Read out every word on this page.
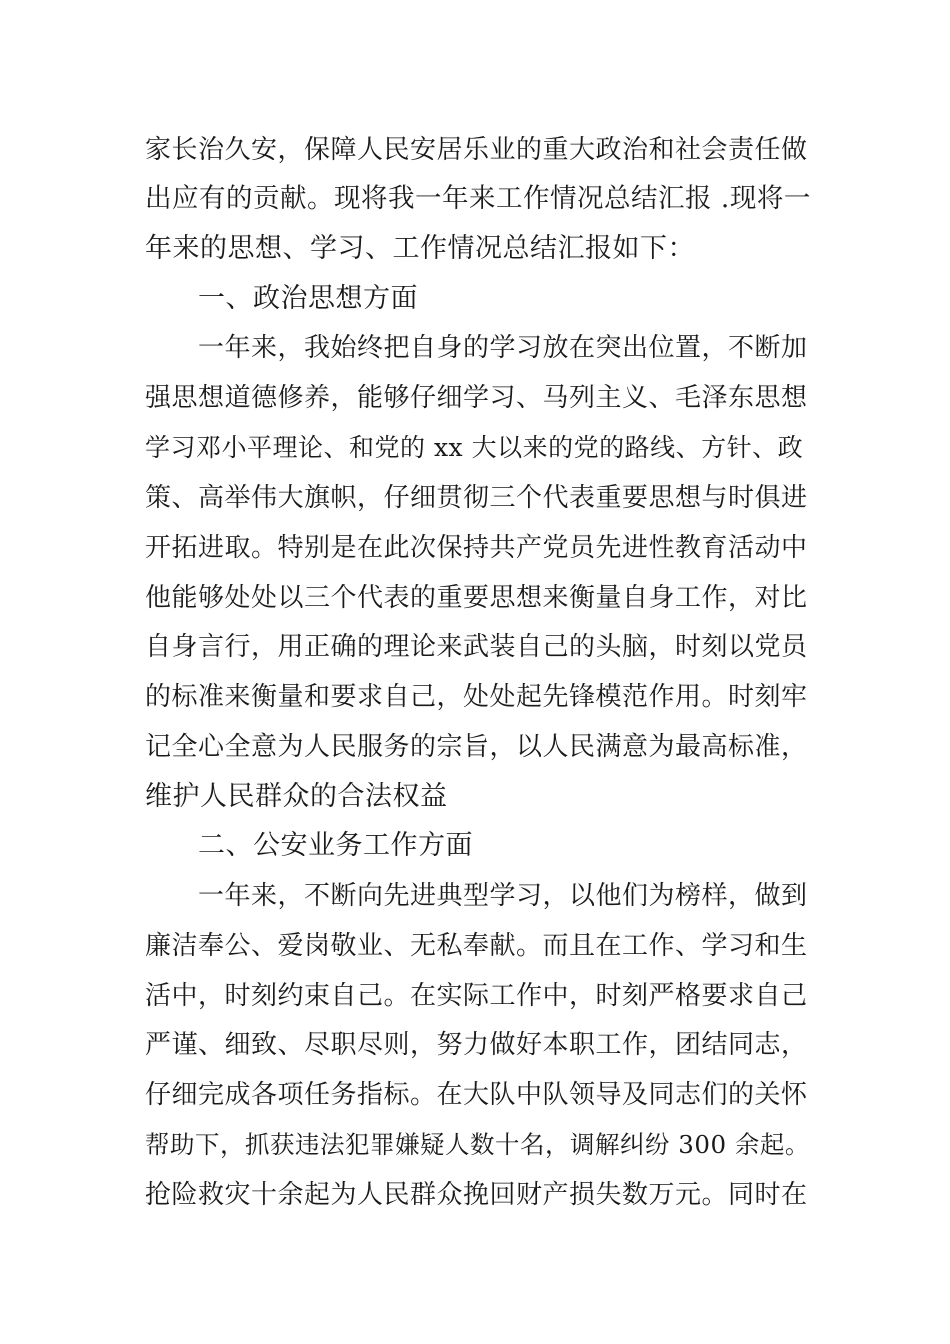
家长治久安，保障人民安居乐业的重大政治和社会责任做
出应有的贡献。现将我一年来工作情况总结汇报 .现将一
年来的思想、学习、工作情况总结汇报如下：
一、政治思想方面
一年来，我始终把自身的学习放在突出位置，不断加
强思想道德修养，能够仔细学习、马列主义、毛泽东思想
学习邓小平理论、和党的 xx 大以来的党的路线、方针、政
策、高举伟大旗帜，仔细贯彻三个代表重要思想与时俱进
开拓进取。特别是在此次保持共产党员先进性教育活动中
他能够处处以三个代表的重要思想来衡量自身工作，对比
自身言行，用正确的理论来武装自己的头脑，时刻以党员
的标准来衡量和要求自己，处处起先锋模范作用。时刻牢
记全心全意为人民服务的宗旨，以人民满意为最高标准，
维护人民群众的合法权益
二、公安业务工作方面
一年来，不断向先进典型学习，以他们为榜样，做到
廉洁奉公、爱岗敬业、无私奉献。而且在工作、学习和生
活中，时刻约束自己。在实际工作中，时刻严格要求自己
严谨、细致、尽职尽则，努力做好本职工作，团结同志，
仔细完成各项任务指标。在大队中队领导及同志们的关怀
帮助下，抓获违法犯罪嫌疑人数十名，调解纠纷 300 余起。
抢险救灾十余起为人民群众挽回财产损失数万元。同时在
